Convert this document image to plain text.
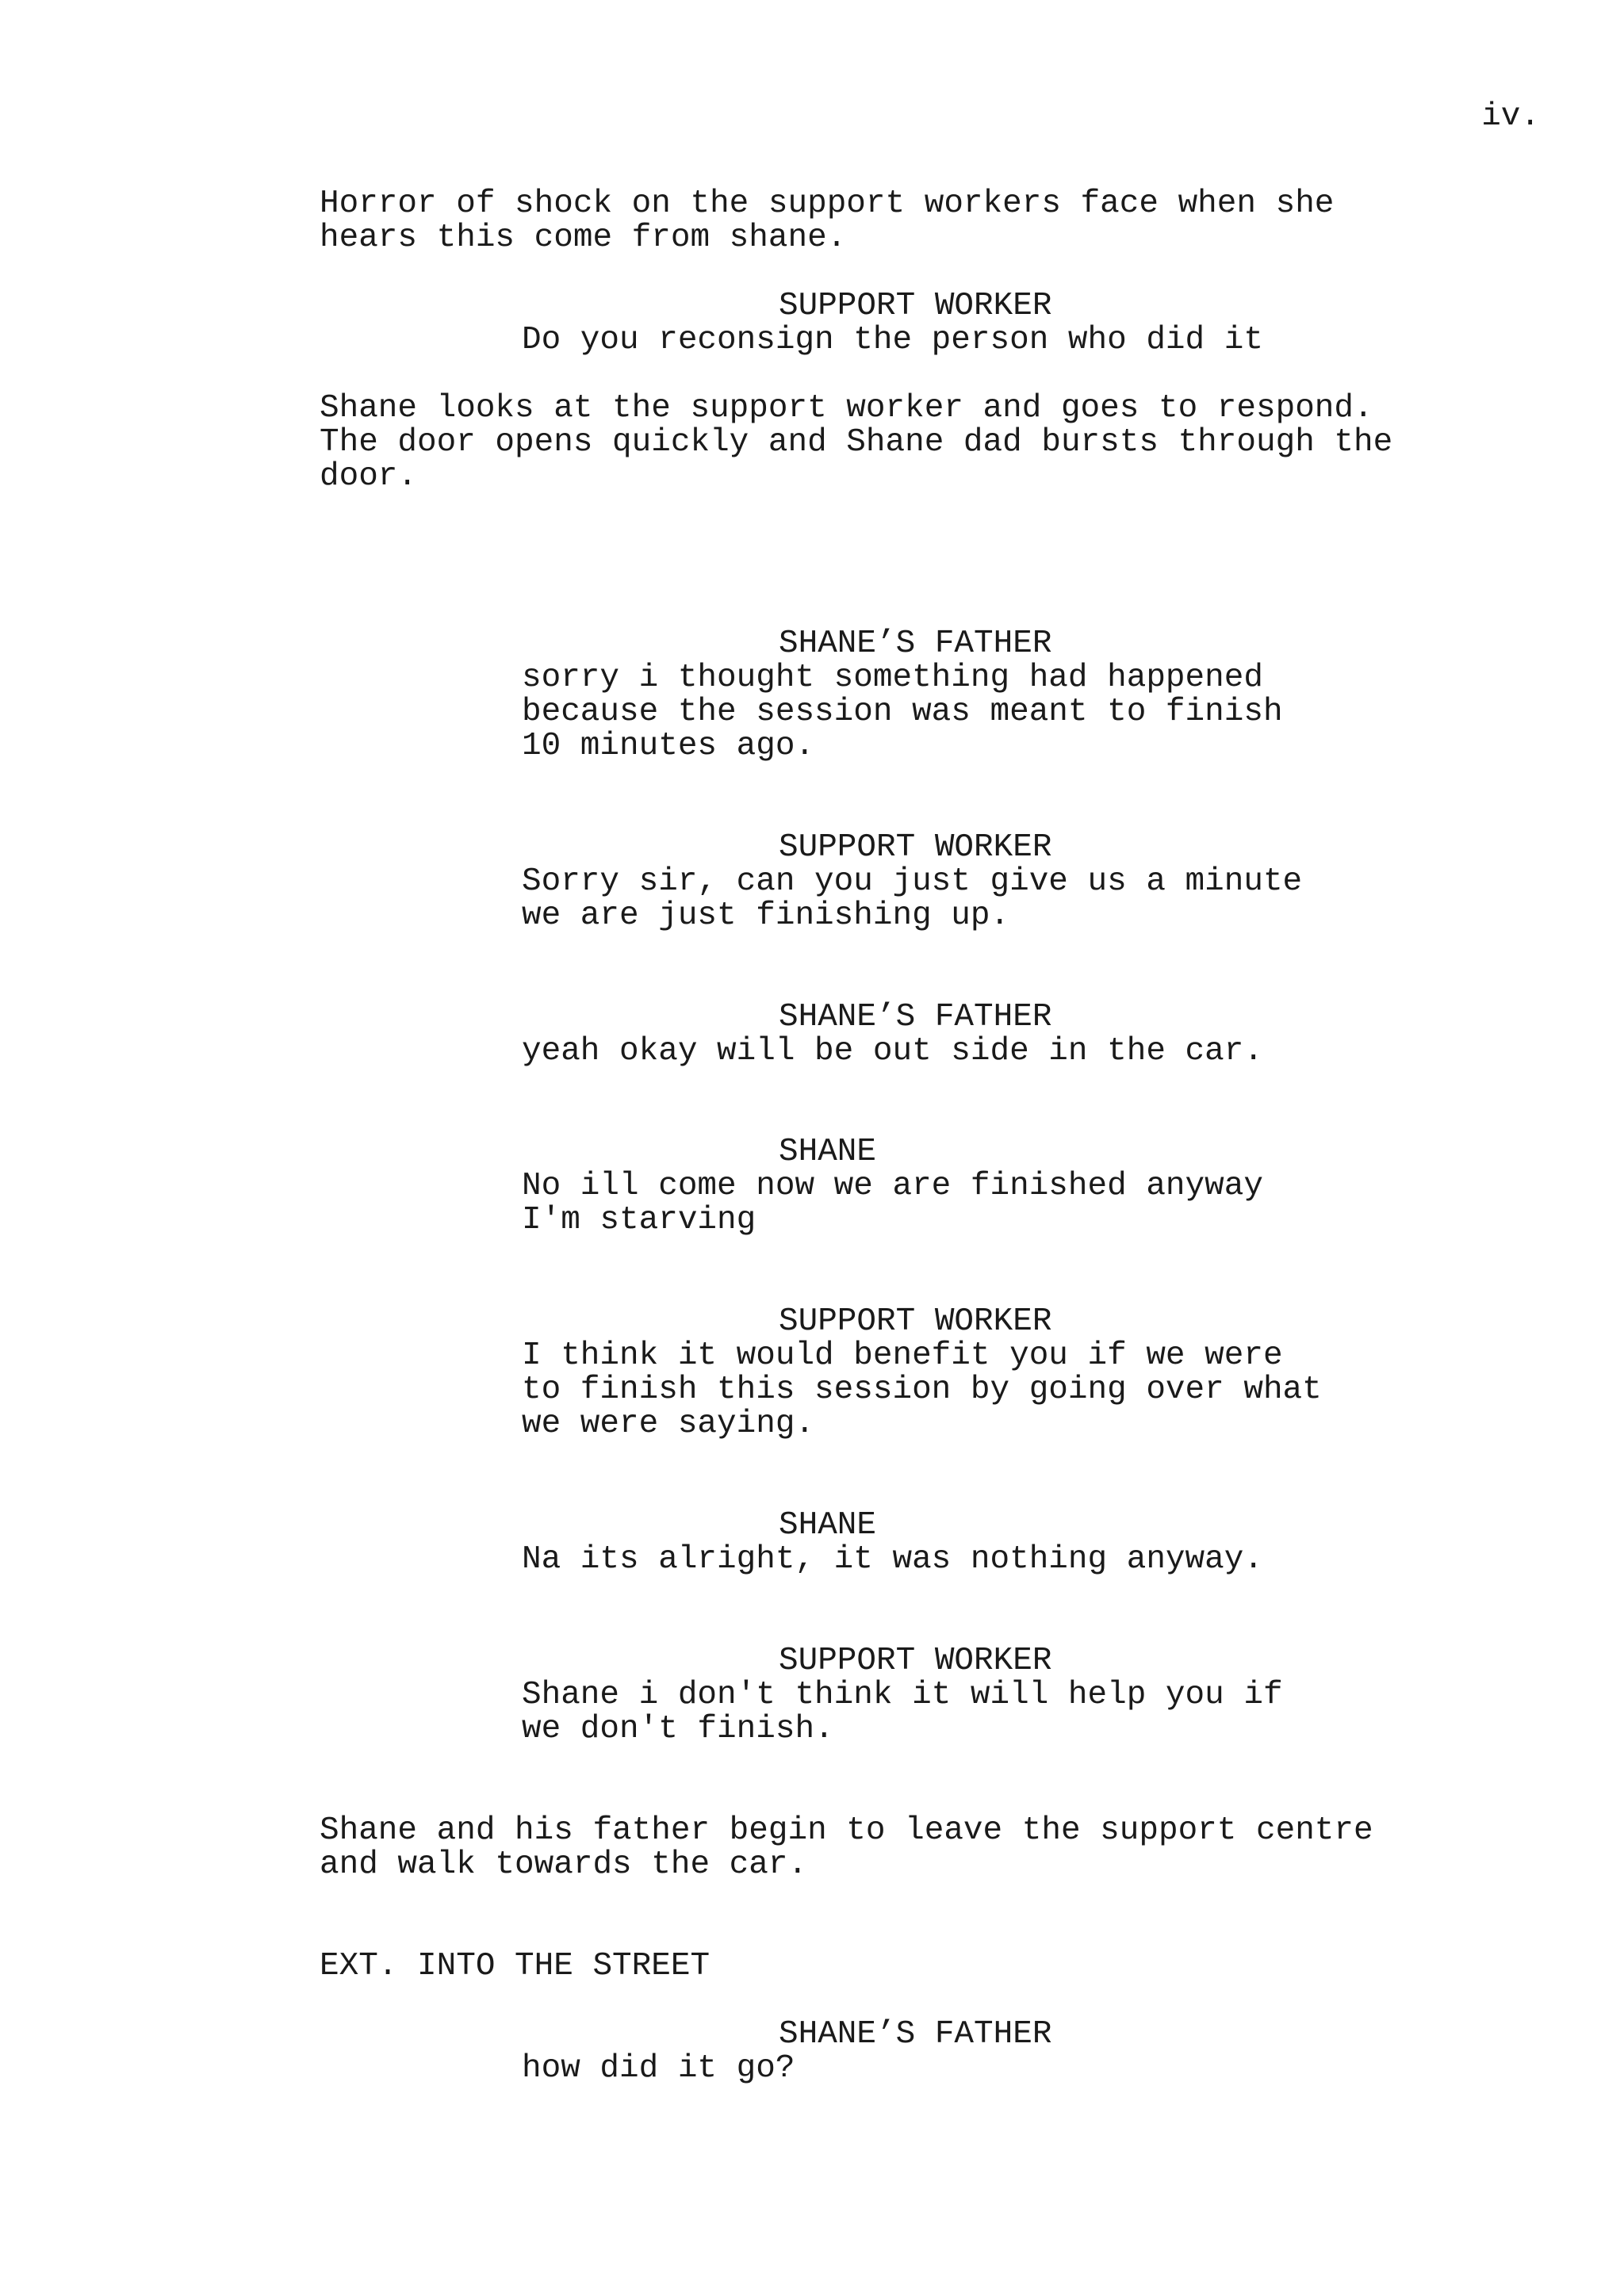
iv.
Horror of shock on the support workers face when she
hears this come from shane.
SUPPORT WORKER
Do you reconsign the person who did it
Shane looks at the support worker and goes to respond.
The door opens quickly and Shane dad bursts through the
door.
SHANE’S FATHER
sorry i thought something had happened
because the session was meant to finish
10 minutes ago.
SUPPORT WORKER
Sorry sir, can you just give us a minute
we are just finishing up.
SHANE’S FATHER
yeah okay will be out side in the car.
SHANE
No ill come now we are finished anyway
I'm starving
SUPPORT WORKER
I think it would benefit you if we were
to finish this session by going over what
we were saying.
SHANE
Na its alright, it was nothing anyway.
SUPPORT WORKER
Shane i don't think it will help you if
we don't finish.
Shane and his father begin to leave the support centre
and walk towards the car.
EXT. INTO THE STREET
SHANE’S FATHER
how did it go?
